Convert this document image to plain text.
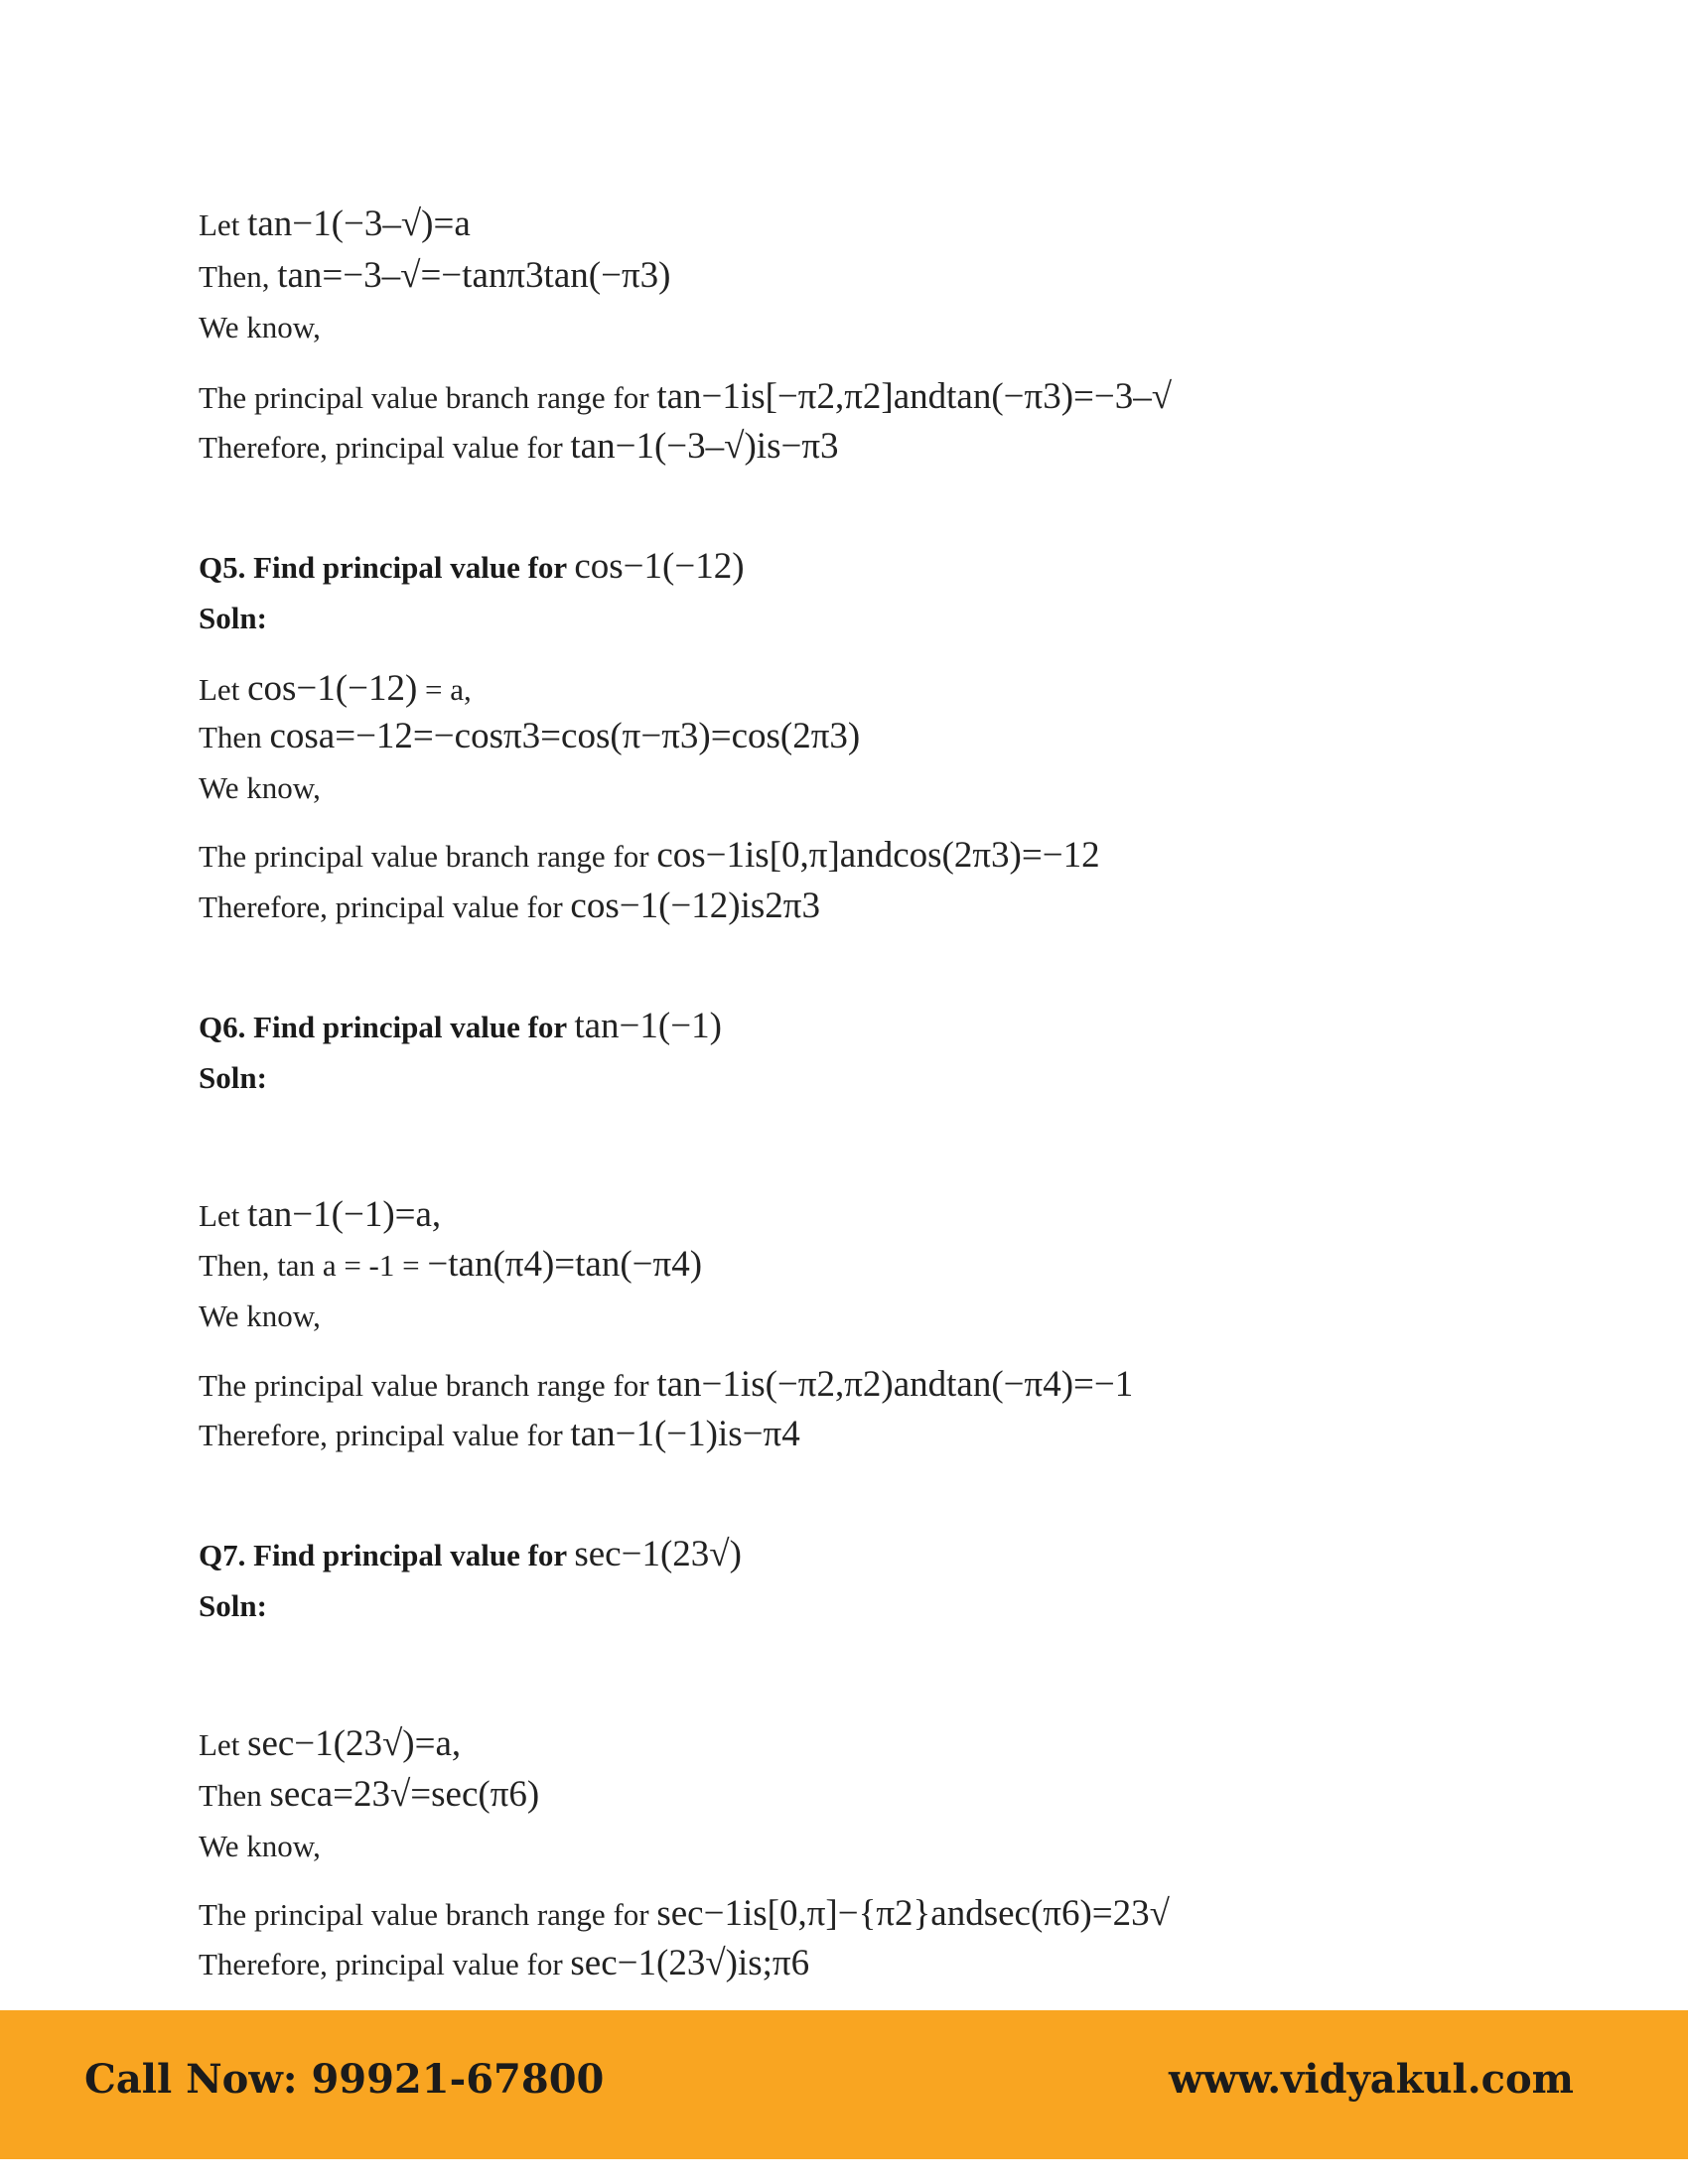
Let tan−1(−3–√)=a
Then, tan=−3–√=−tanπ3tan(−π3)
We know,
The principal value branch range for tan−1is[−π2,π2]andtan(−π3)=−3–√
Therefore, principal value for tan−1(−3–√)is−π3
Q5. Find principal value for cos−1(−12)
Soln:
Let cos−1(−12) = a,
Then cosa=−12=−cosπ3=cos(π−π3)=cos(2π3)
We know,
The principal value branch range for cos−1is[0,π]andcos(2π3)=−12
Therefore, principal value for cos−1(−12)is2π3
Q6. Find principal value for tan−1(−1)
Soln:
Let tan−1(−1)=a,
Then, tan a = -1 = −tan(π4)=tan(−π4)
We know,
The principal value branch range for tan−1is(−π2,π2)andtan(−π4)=−1
Therefore, principal value for tan−1(−1)is−π4
Q7. Find principal value for sec−1(23√)
Soln:
Let sec−1(23√)=a,
Then seca=23√=sec(π6)
We know,
The principal value branch range for sec−1is[0,π]−{π2}andsec(π6)=23√
Therefore, principal value for sec−1(23√)is;π6
Call Now: 99921-67800	www.vidyakul.com
